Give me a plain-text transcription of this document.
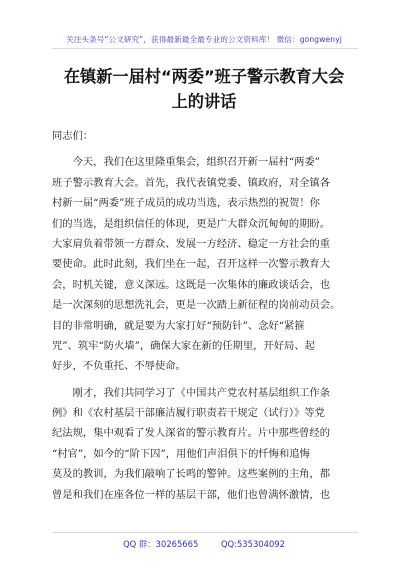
关注头条号“公文研究”，获得最新最全最专业的公文资料库！ 微信：gongwenyj
在镇新一届村“两委”班子警示教育大会
上的讲话

同志们：

　　今天，我们在这里隆重集会，组织召开新一届村“两委”
班子警示教育大会。首先，我代表镇党委、镇政府，对全镇各
村新一届“两委”班子成员的成功当选，表示热烈的祝贺！你
们的当选，是组织信任的体现，更是广大群众沉甸甸的期盼。
大家肩负着带领一方群众、发展一方经济、稳定一方社会的重
要使命。此时此刻，我们坐在一起，召开这样一次警示教育大
会，时机关键，意义深远。这既是一次集体的廉政谈话会，也
是一次深刻的思想洗礼会，更是一次踏上新征程的岗前动员会。
目的非常明确，就是要为大家打好“预防针”、念好“紧箍
咒”、筑牢“防火墙”，确保大家在新的任期里，开好局、起
好步，不负重托、不辱使命。

　　刚才，我们共同学习了《中国共产党农村基层组织工作条
例》和《农村基层干部廉洁履行职责若干规定（试行）》等党
纪法规，集中观看了发人深省的警示教育片。片中那些曾经的
“村官”，如今的“阶下囚”，用他们声泪俱下的忏悔和追悔
莫及的教训，为我们敲响了长鸣的警钟。这些案例的主角，都
曾是和我们在座各位一样的基层干部，他们也曾满怀激情，也

QQ 群：30265665	QQ:535304092
